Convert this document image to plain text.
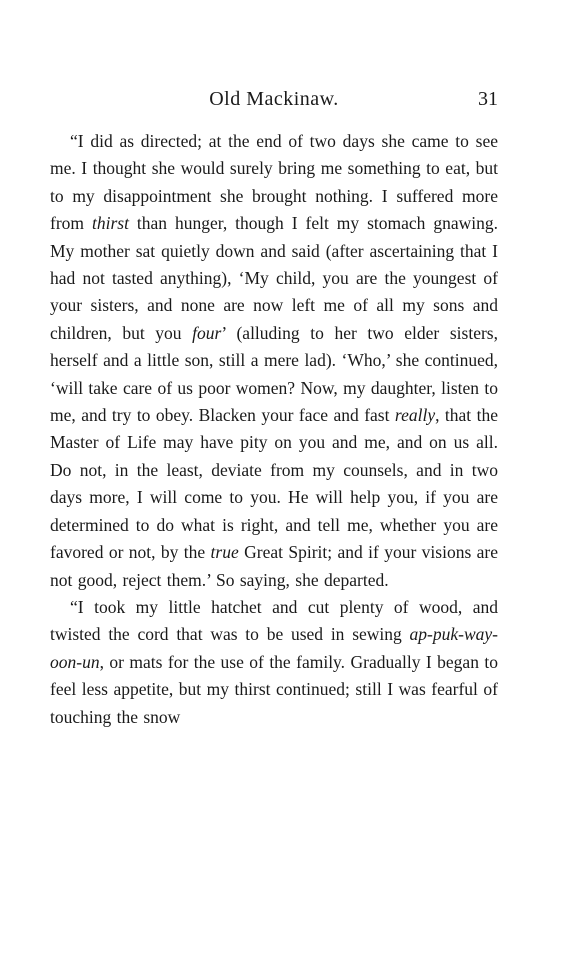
Old Mackinaw.	31

“I did as directed; at the end of two days she came to see me. I thought she would surely bring me something to eat, but to my disappointment she brought nothing. I suffered more from thirst than hunger, though I felt my stomach gnawing. My mother sat quietly down and said (after ascertaining that I had not tasted anything), ‘My child, you are the youngest of your sisters, and none are now left me of all my sons and children, but you four’ (alluding to her two elder sisters, herself and a little son, still a mere lad). ‘Who,’ she continued, ‘will take care of us poor women? Now, my daughter, listen to me, and try to obey. Blacken your face and fast really, that the Master of Life may have pity on you and me, and on us all. Do not, in the least, deviate from my counsels, and in two days more, I will come to you. He will help you, if you are determined to do what is right, and tell me, whether you are favored or not, by the true Great Spirit; and if your visions are not good, reject them.’ So saying, she departed.

“I took my little hatchet and cut plenty of wood, and twisted the cord that was to be used in sewing ap-puk-way-oon-un, or mats for the use of the family. Gradually I began to feel less appetite, but my thirst continued; still I was fearful of touching the snow
